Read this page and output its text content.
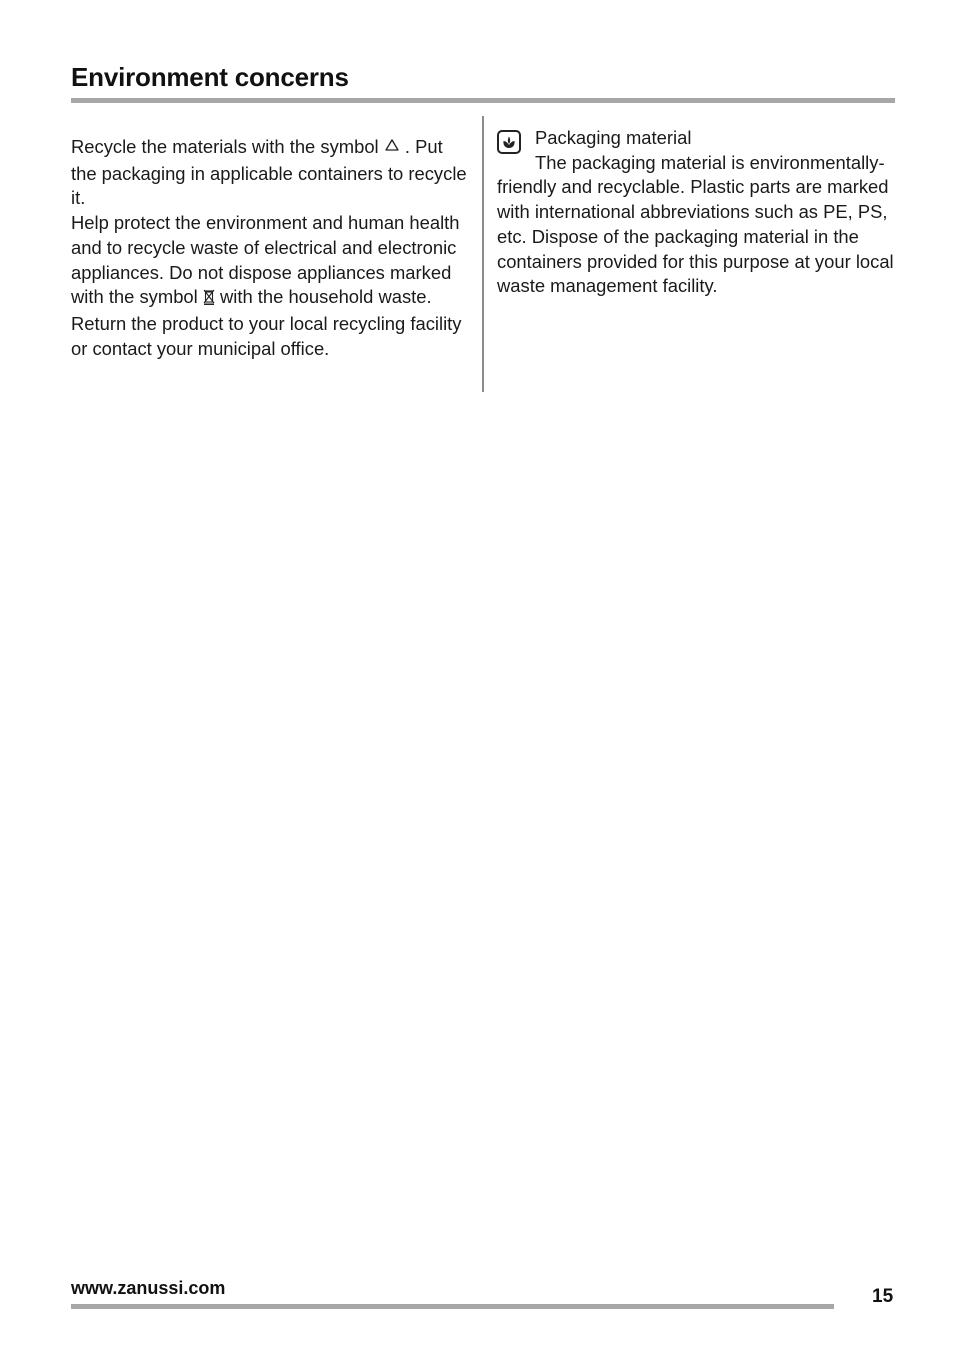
Environment concerns

Recycle the materials with the symbol  . Put the packaging in applicable containers to recycle it.

Help protect the environment and human health and to recycle waste of electrical and electronic appliances. Do not dispose appliances marked with the symbol  with the household waste. Return the product to your local recycling facility or contact your municipal office.

Packaging material

The packaging material is environmentally-friendly and recyclable. Plastic parts are marked with international abbreviations such as PE, PS, etc. Dispose of the packaging material in the containers provided for this purpose at your local waste management facility.

www.zanussi.com	15
